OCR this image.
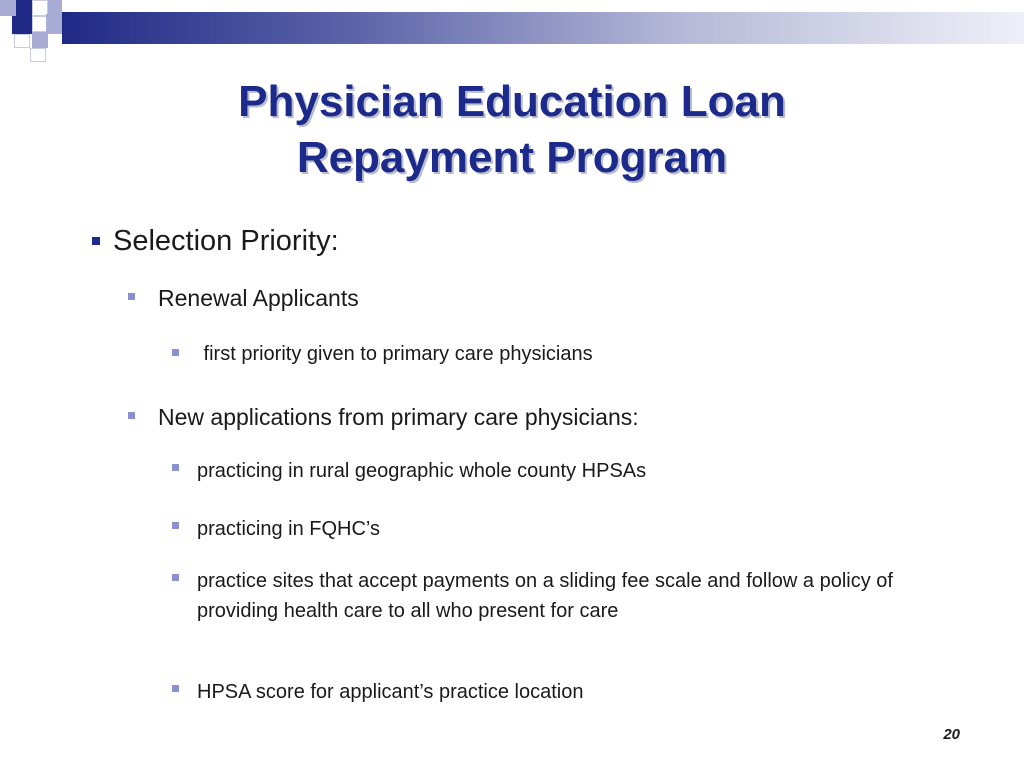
Physician Education Loan
Repayment Program
Selection Priority:
Renewal Applicants
first priority given to primary care physicians
New applications from primary care physicians:
practicing in rural geographic whole county HPSAs
practicing in FQHC’s
practice sites that accept payments on a sliding fee scale and follow a policy of providing health care to all who present for care
HPSA score for applicant’s practice location
20
